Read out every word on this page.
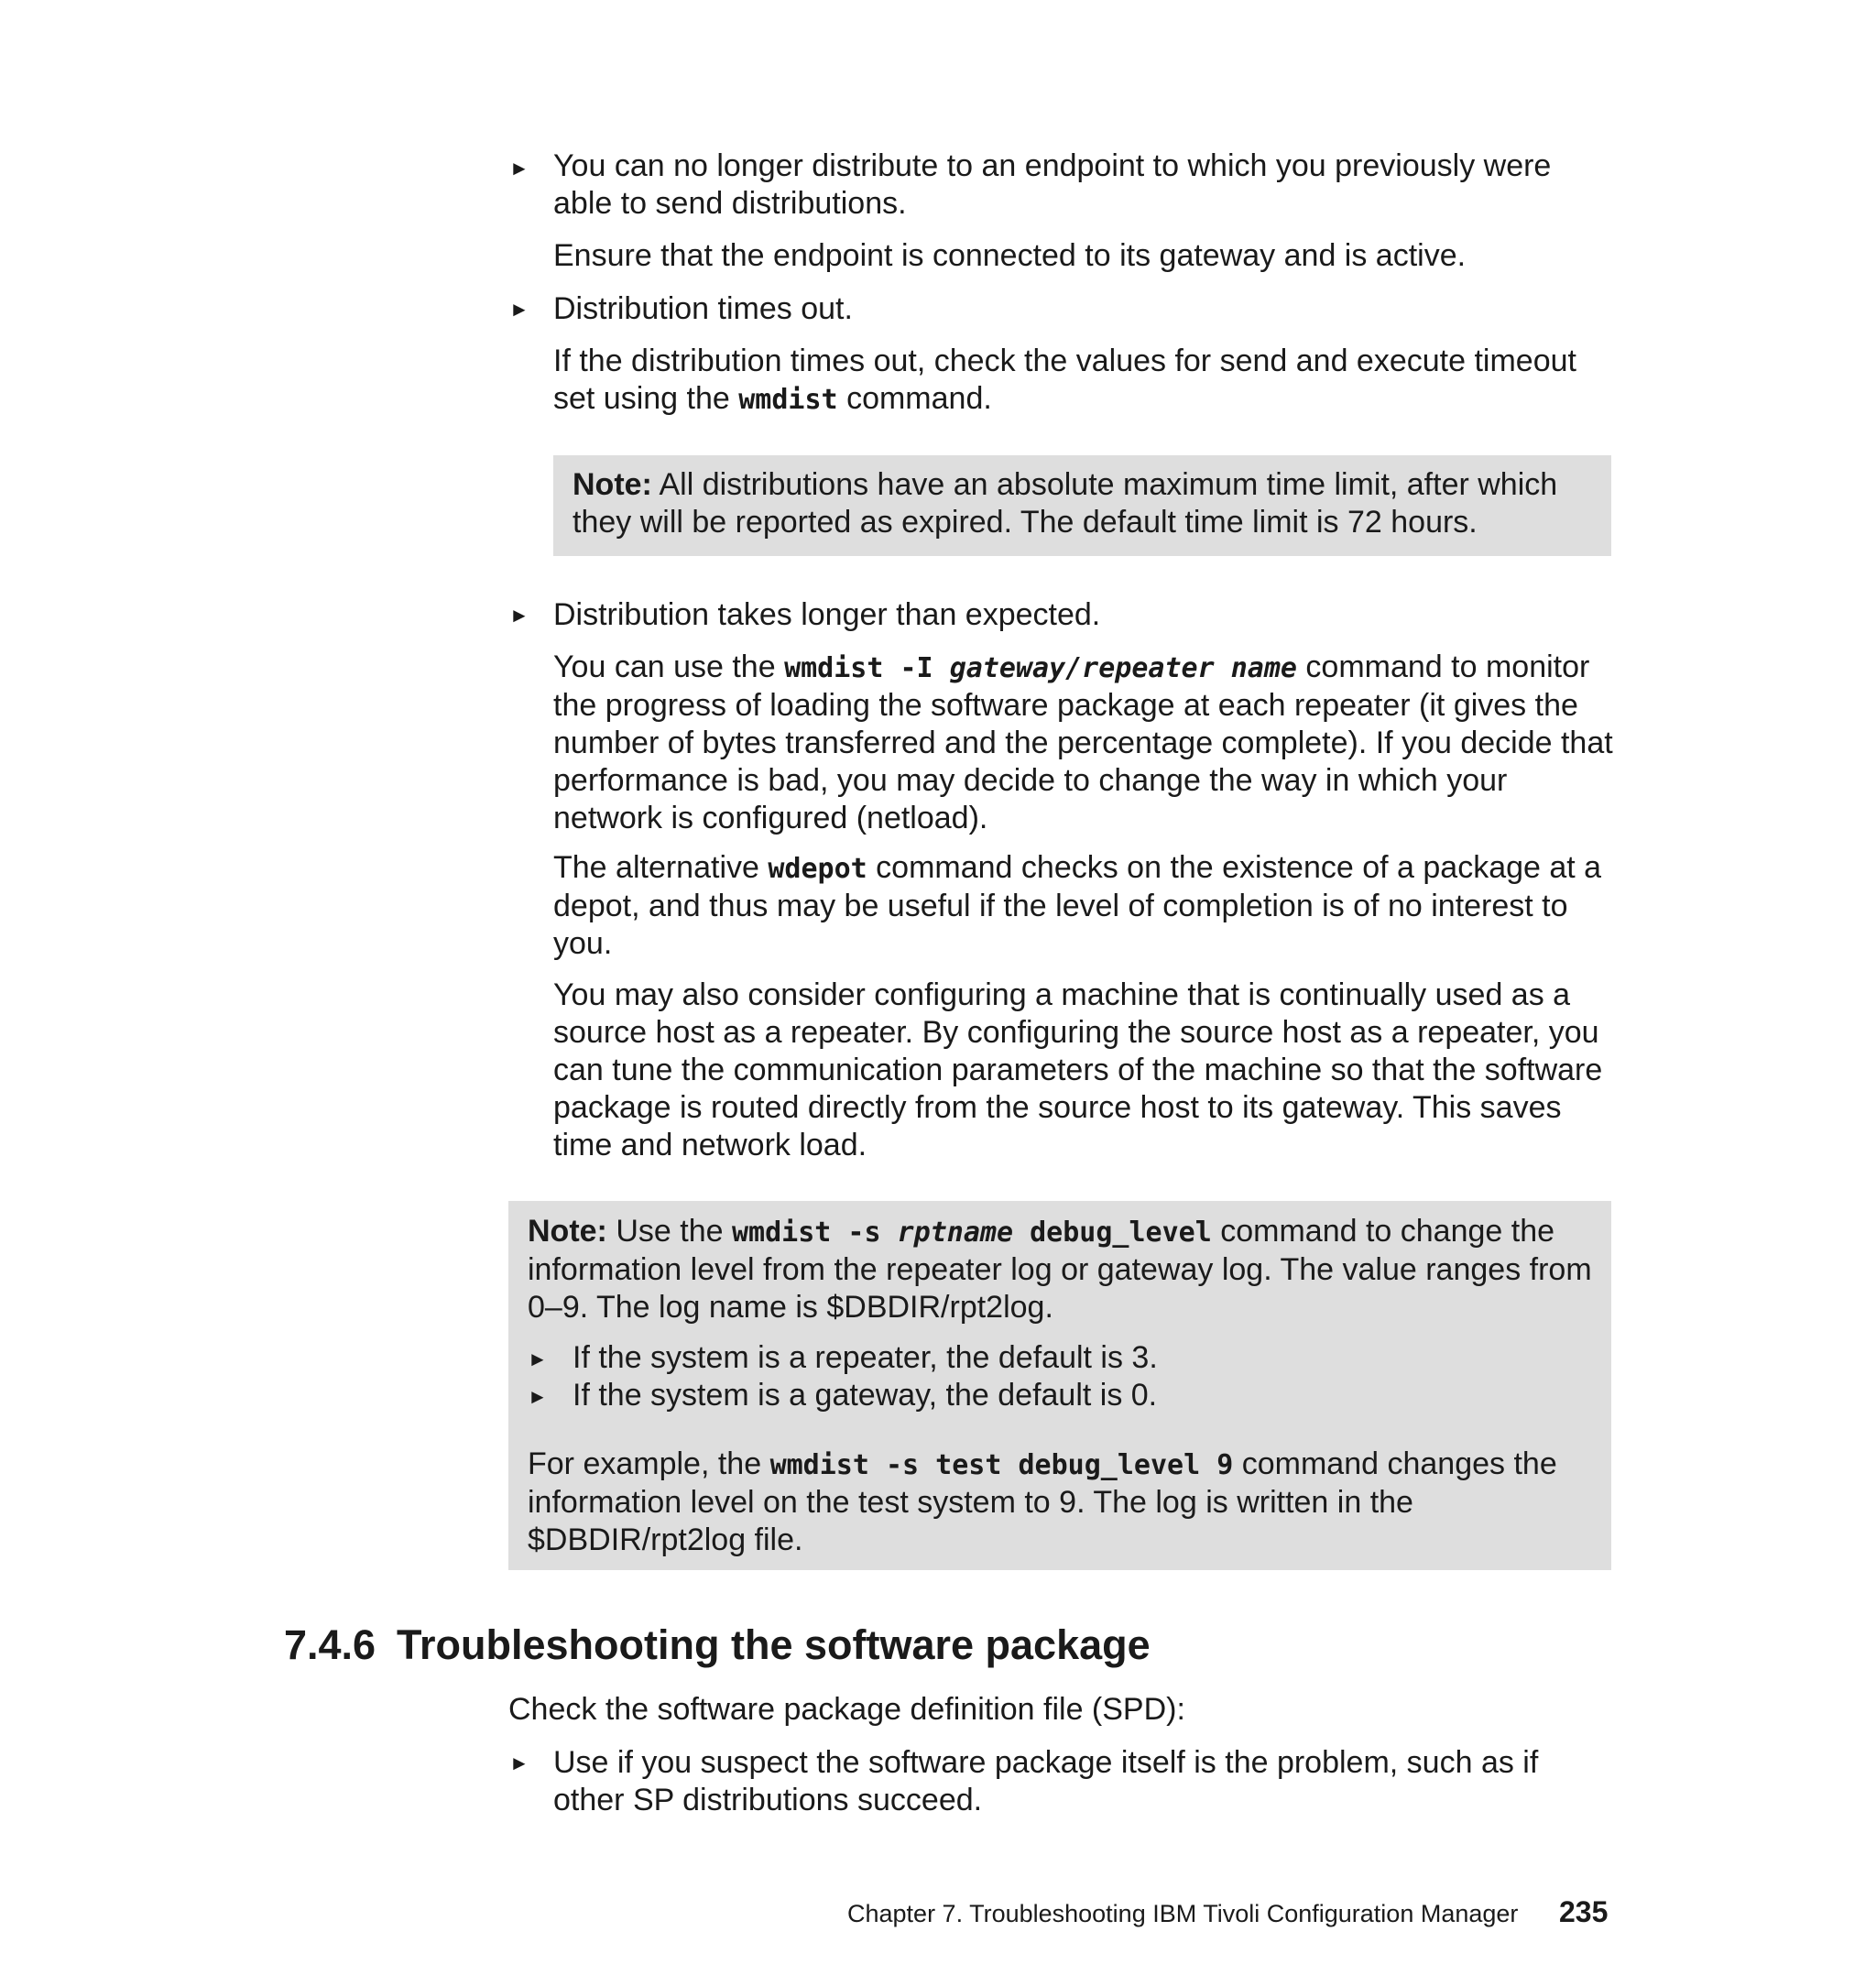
► You can no longer distribute to an endpoint to which you previously were able to send distributions.

Ensure that the endpoint is connected to its gateway and is active.

► Distribution times out.

If the distribution times out, check the values for send and execute timeout set using the wmdist command.

Note: All distributions have an absolute maximum time limit, after which they will be reported as expired. The default time limit is 72 hours.

► Distribution takes longer than expected.

You can use the wmdist -I gateway/repeater name command to monitor the progress of loading the software package at each repeater (it gives the number of bytes transferred and the percentage complete). If you decide that performance is bad, you may decide to change the way in which your network is configured (netload).

The alternative wdepot command checks on the existence of a package at a depot, and thus may be useful if the level of completion is of no interest to you.

You may also consider configuring a machine that is continually used as a source host as a repeater. By configuring the source host as a repeater, you can tune the communication parameters of the machine so that the software package is routed directly from the source host to its gateway. This saves time and network load.

Note: Use the wmdist -s rptname debug_level command to change the information level from the repeater log or gateway log. The value ranges from 0–9. The log name is $DBDIR/rpt2log.

► If the system is a repeater, the default is 3.

► If the system is a gateway, the default is 0.

For example, the wmdist -s test debug_level 9 command changes the information level on the test system to 9. The log is written in the $DBDIR/rpt2log file.

7.4.6 Troubleshooting the software package

Check the software package definition file (SPD):

► Use if you suspect the software package itself is the problem, such as if other SP distributions succeed.

Chapter 7. Troubleshooting IBM Tivoli Configuration Manager 235
